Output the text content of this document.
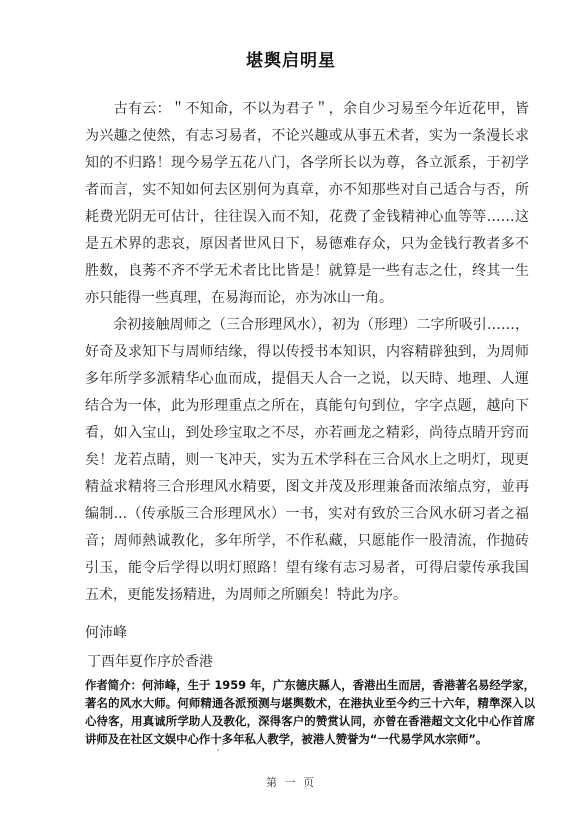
堪舆启明星

　　古有云：＂不知命，不以为君子＂，余自少习易至今年近花甲，皆为兴趣之使然，有志习易者，不论兴趣或从事五术者，实为一条漫长求知的不归路！现今易学五花八门，各学所长以为尊，各立派系，于初学者而言，实不知如何去区别何为真章，亦不知那些对自己适合与否，所耗费光阴无可估计，往往误入而不知，花费了金钱精神心血等等……这是五术界的悲哀，原因者世风日下，易德难存众，只为金钱行教者多不胜数，良莠不齐不学无术者比比皆是！就算是一些有志之仕，终其一生亦只能得一些真理，在易海而论，亦为冰山一角。

　　余初接触周师之（三合形理风水），初为（形理）二字所吸引……，好奇及求知下与周师结缘，得以传授书本知识，内容精辟独到，为周师多年所学多派精华心血而成，提倡天人合一之说，以天時、地理、人運结合为一体，此为形理重点之所在，真能句句到位，字字点题，越向下看，如入宝山，到处珍宝取之不尽，亦若画龙之精彩，尚待点睛开窍而矣！龙若点睛，则一飞冲天，实为五术学科在三合风水上之明灯，现更精益求精将三合形理风水精要，图文并茂及形理兼备而浓缩点穷，並再编制...（传承版三合形理风水）一书，实对有致於三合风水研习者之福音；周师熱诚教化，多年所学，不作私藏，只愿能作一股清流，作抛砖引玉，能令后学得以明灯照路！望有缘有志习易者，可得启蒙传承我国五术，更能发扬精进，为周师之所願矣！特此为序。

何沛峰
丁酉年夏作序於香港
作者简介：何沛峰，生于 1959 年，广东德庆縣人，香港出生而居，香港著名易经学家，著名的风水大师。何师精通各派预测与堪舆数术，在港执业至今约三十六年，精準深入以心待客，用真诚所学助人及教化，深得客户的赞赏认同，亦曾在香港超文文化中心作首席讲师及在社区文娱中心作十多年私人教学，被港人赞誉为“一代易学风水宗师”。
第 一 页
